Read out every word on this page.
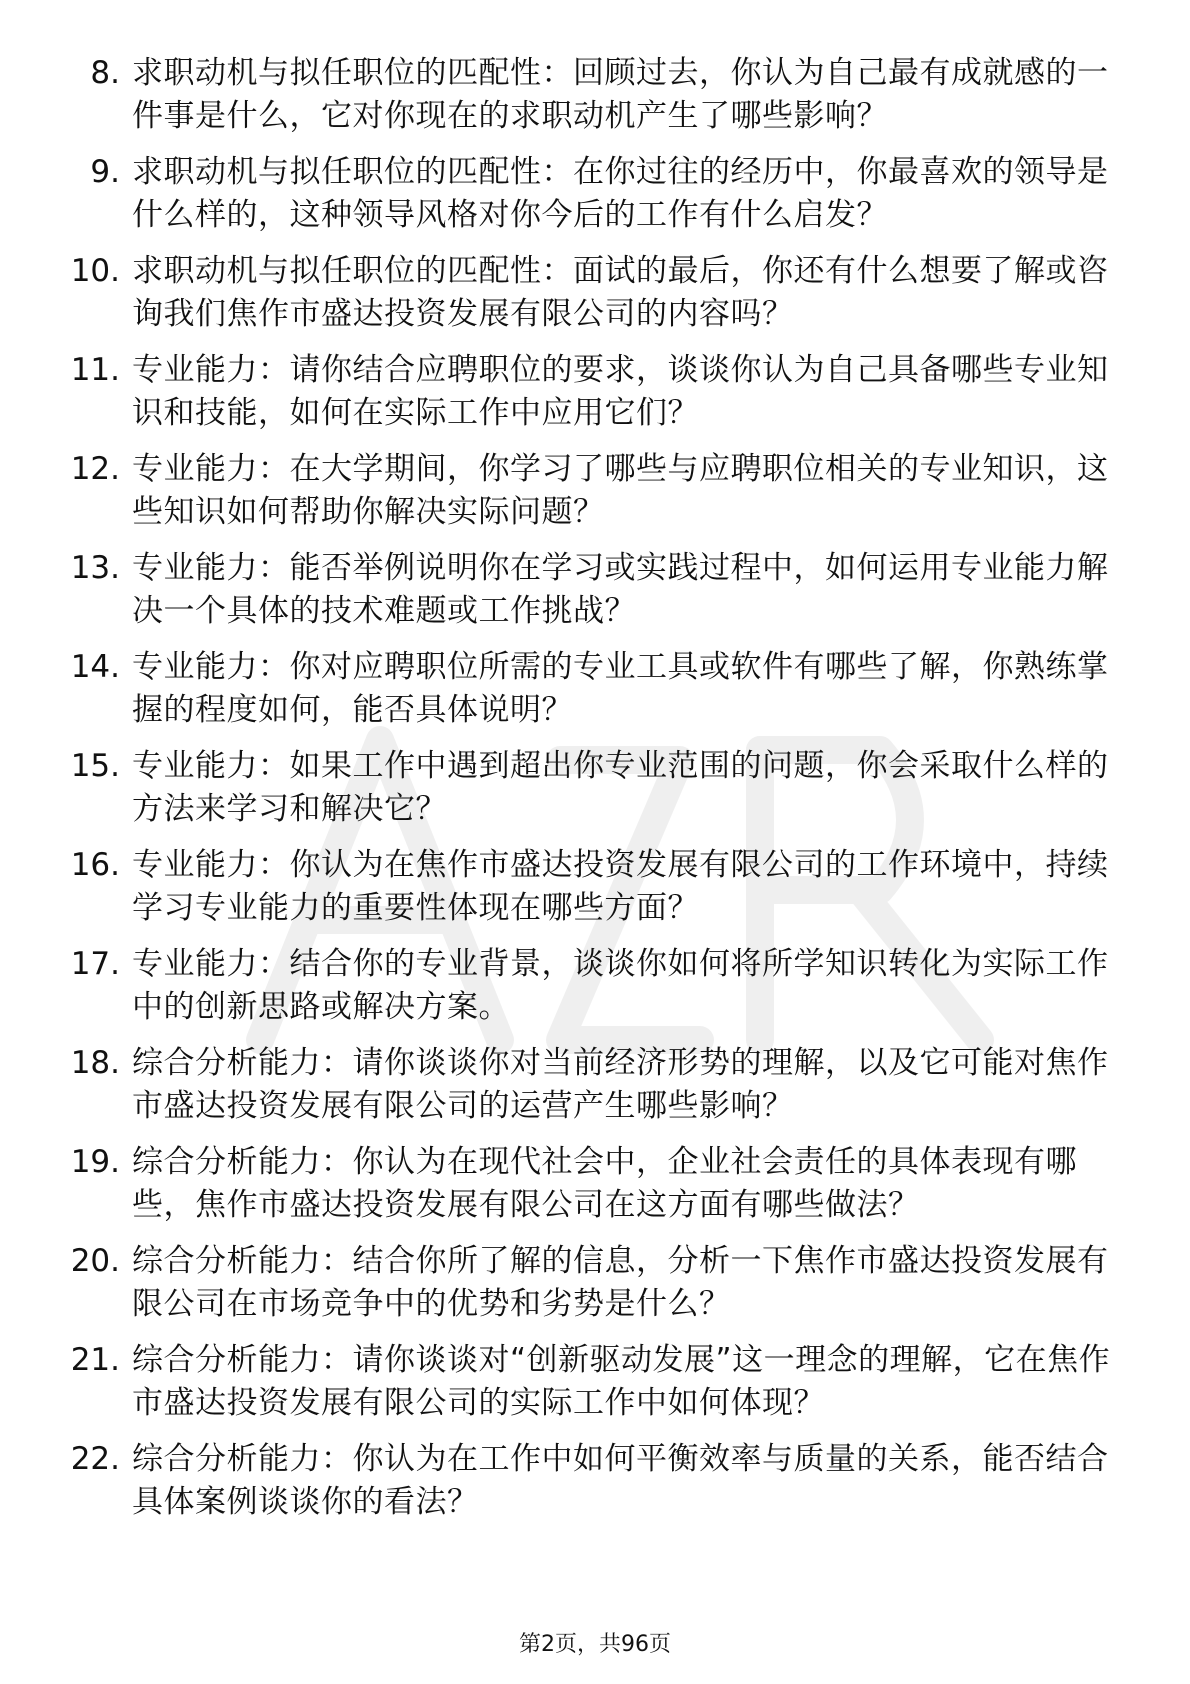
8. 求职动机与拟任职位的匹配性：回顾过去，你认为自己最有成就感的一件事是什么，它对你现在的求职动机产生了哪些影响？
9. 求职动机与拟任职位的匹配性：在你过往的经历中，你最喜欢的领导是什么样的，这种领导风格对你今后的工作有什么启发？
10. 求职动机与拟任职位的匹配性：面试的最后，你还有什么想要了解或咨询我们焦作市盛达投资发展有限公司的内容吗？
11. 专业能力：请你结合应聘职位的要求，谈谈你认为自己具备哪些专业知识和技能，如何在实际工作中应用它们？
12. 专业能力：在大学期间，你学习了哪些与应聘职位相关的专业知识，这些知识如何帮助你解决实际问题？
13. 专业能力：能否举例说明你在学习或实践过程中，如何运用专业能力解决一个具体的技术难题或工作挑战？
14. 专业能力：你对应聘职位所需的专业工具或软件有哪些了解，你熟练掌握的程度如何，能否具体说明？
15. 专业能力：如果工作中遇到超出你专业范围的问题，你会采取什么样的方法来学习和解决它？
16. 专业能力：你认为在焦作市盛达投资发展有限公司的工作环境中，持续学习专业能力的重要性体现在哪些方面？
17. 专业能力：结合你的专业背景，谈谈你如何将所学知识转化为实际工作中的创新思路或解决方案。
18. 综合分析能力：请你谈谈你对当前经济形势的理解，以及它可能对焦作市盛达投资发展有限公司的运营产生哪些影响？
19. 综合分析能力：你认为在现代社会中，企业社会责任的具体表现有哪些，焦作市盛达投资发展有限公司在这方面有哪些做法？
20. 综合分析能力：结合你所了解的信息，分析一下焦作市盛达投资发展有限公司在市场竞争中的优势和劣势是什么？
21. 综合分析能力：请你谈谈对“创新驱动发展”这一理念的理解，它在焦作市盛达投资发展有限公司的实际工作中如何体现？
22. 综合分析能力：你认为在工作中如何平衡效率与质量的关系，能否结合具体案例谈谈你的看法？
第2页，共96页
